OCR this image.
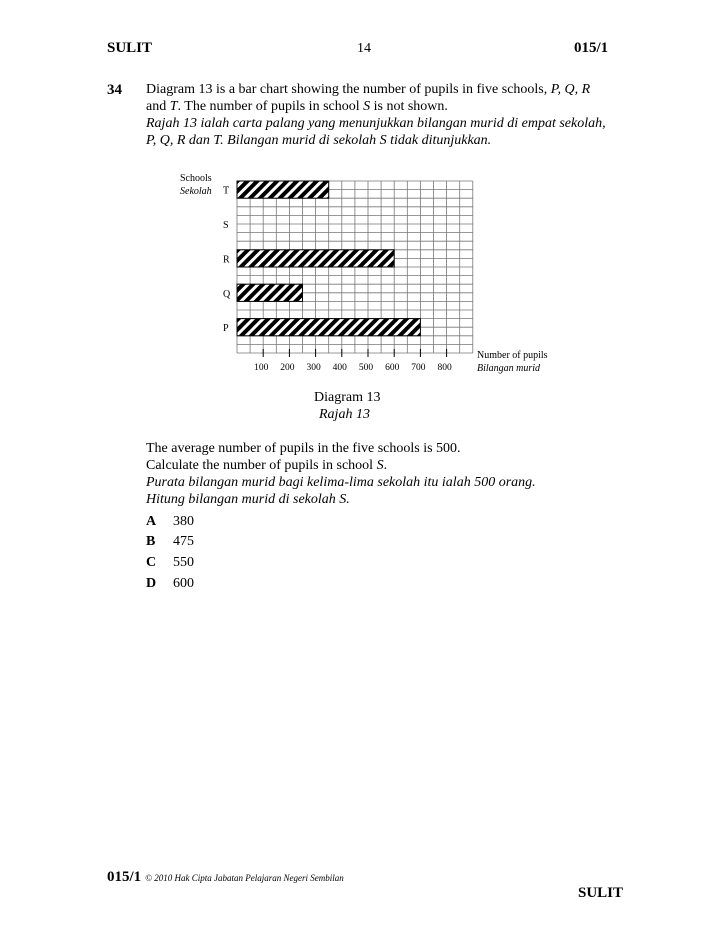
SULIT	14	015/1
34 Diagram 13 is a bar chart showing the number of pupils in five schools, P, Q, R
and T. The number of pupils in school S is not shown.
Rajah 13 ialah carta palang yang menunjukkan bilangan murid di empat sekolah,
P, Q, R dan T. Bilangan murid di sekolah S tidak ditunjukkan.
100 200 300 400 500 600 700 800
P
Q
R
S
T
Schools
Sekolah
Number of pupils
Bilangan murid
Diagram 13
Rajah 13
The average number of pupils in the five schools is 500.
Calculate the number of pupils in school S.
Purata bilangan murid bagi kelima-lima sekolah itu ialah 500 orang.
Hitung bilangan murid di sekolah S.
A 380
B 475
C 550
D 600
015/1 © 2010 Hak Cipta Jabatan Pelajaran Negeri Sembilan
SULIT
